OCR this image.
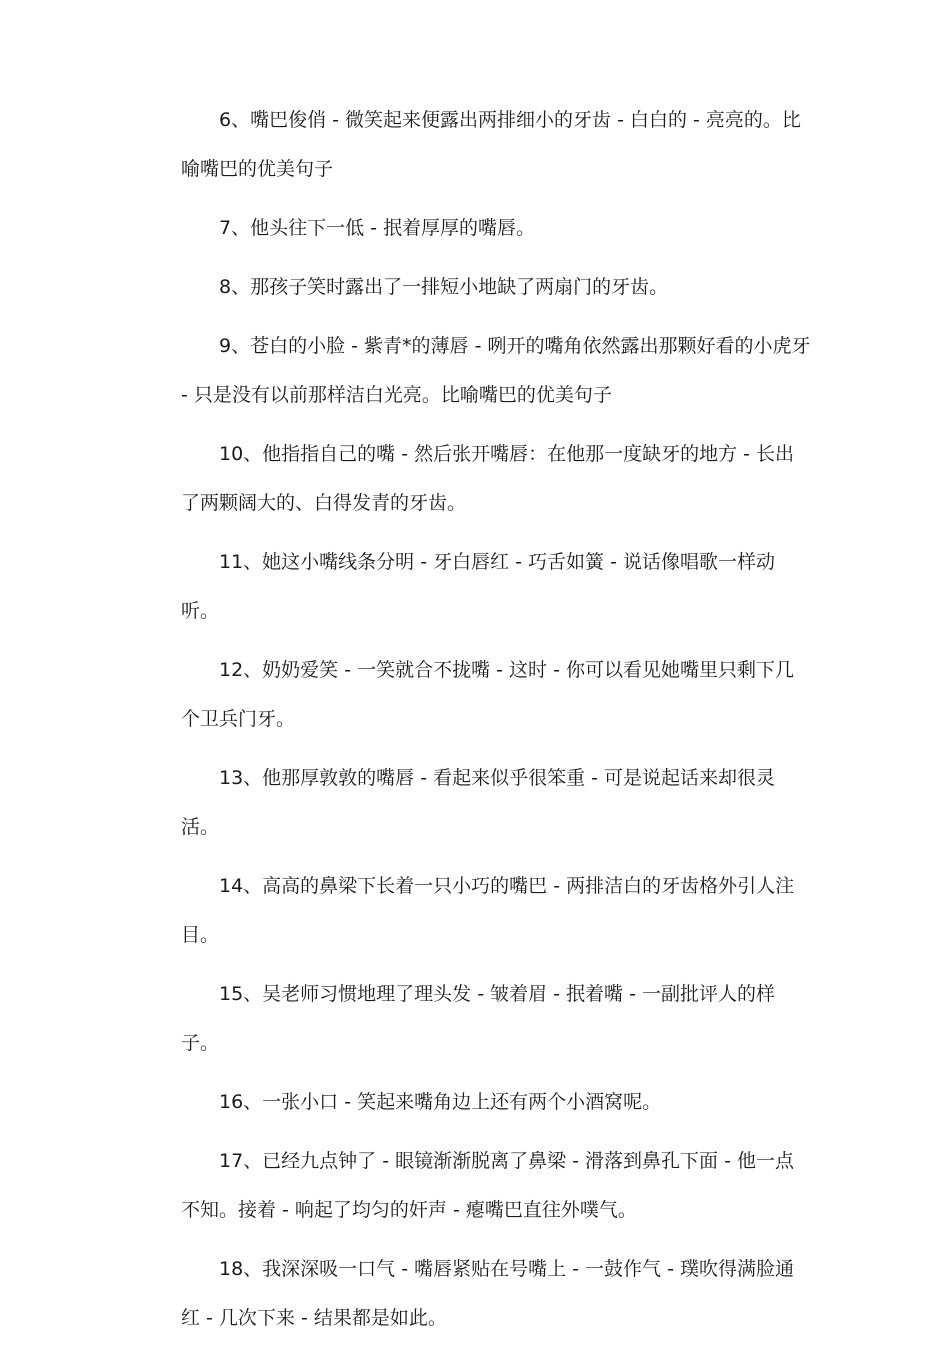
6、嘴巴俊俏 - 微笑起来便露出两排细小的牙齿 - 白白的 - 亮亮的。比喻嘴巴的优美句子

7、他头往下一低 - 抿着厚厚的嘴唇。

8、那孩子笑时露出了一排短小地缺了两扇门的牙齿。

9、苍白的小脸 - 紫青*的薄唇 - 咧开的嘴角依然露出那颗好看的小虎牙 - 只是没有以前那样洁白光亮。比喻嘴巴的优美句子

10、他指指自己的嘴 - 然后张开嘴唇：在他那一度缺牙的地方 - 长出了两颗阔大的、白得发青的牙齿。

11、她这小嘴线条分明 - 牙白唇红 - 巧舌如簧 - 说话像唱歌一样动听。

12、奶奶爱笑 - 一笑就合不拢嘴 - 这时 - 你可以看见她嘴里只剩下几个卫兵门牙。

13、他那厚敦敦的嘴唇 - 看起来似乎很笨重 - 可是说起话来却很灵活。

14、高高的鼻梁下长着一只小巧的嘴巴 - 两排洁白的牙齿格外引人注目。

15、吴老师习惯地理了理头发 - 皱着眉 - 抿着嘴 - 一副批评人的样子。

16、一张小口 - 笑起来嘴角边上还有两个小酒窝呢。

17、已经九点钟了 - 眼镜渐渐脱离了鼻梁 - 滑落到鼻孔下面 - 他一点不知。接着 - 响起了均匀的奸声 - 瘪嘴巴直往外噗气。

18、我深深吸一口气 - 嘴唇紧贴在号嘴上 - 一鼓作气 - 璞吹得满脸通红 - 几次下来 - 结果都是如此。
